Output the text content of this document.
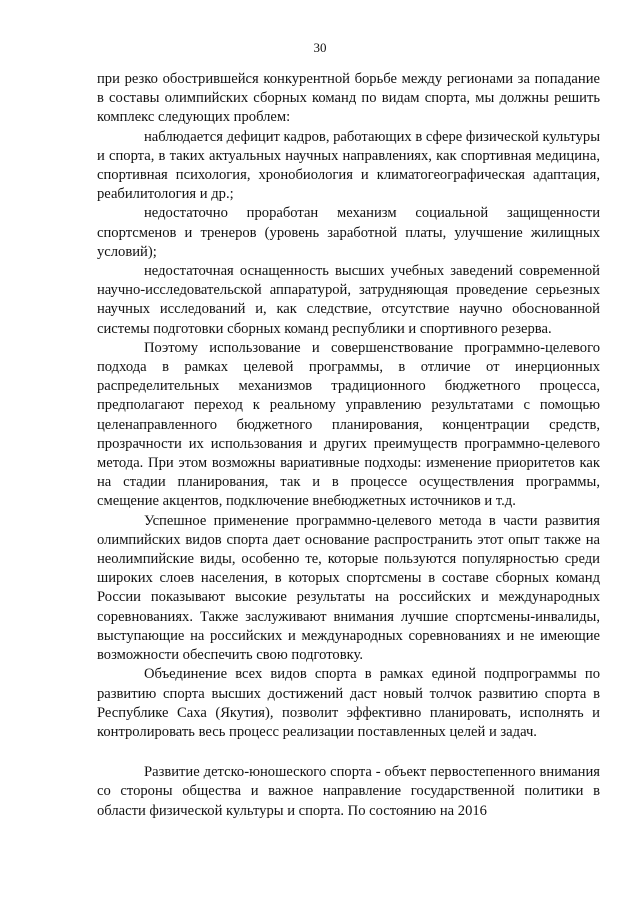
30

при резко обострившейся конкурентной борьбе между регионами за попадание в составы олимпийских сборных команд по видам спорта, мы должны решить комплекс следующих проблем:

наблюдается дефицит кадров, работающих в сфере физической культуры и спорта, в таких актуальных научных направлениях, как спортивная медицина, спортивная психология, хронобиология и климатогеографическая адаптация, реабилитология и др.;

недостаточно проработан механизм социальной защищенности спортсменов и тренеров (уровень заработной платы, улучшение жилищных условий);

недостаточная оснащенность высших учебных заведений современной научно-исследовательской аппаратурой, затрудняющая проведение серьезных научных исследований и, как следствие, отсутствие научно обоснованной системы подготовки сборных команд республики и спортивного резерва.

Поэтому использование и совершенствование программно-целевого подхода в рамках целевой программы, в отличие от инерционных распределительных механизмов традиционного бюджетного процесса, предполагают переход к реальному управлению результатами с помощью целенаправленного бюджетного планирования, концентрации средств, прозрачности их использования и других преимуществ программно-целевого метода. При этом возможны вариативные подходы: изменение приоритетов как на стадии планирования, так и в процессе осуществления программы, смещение акцентов, подключение внебюджетных источников и т.д.

Успешное применение программно-целевого метода в части развития олимпийских видов спорта дает основание распространить этот опыт также на неолимпийские виды, особенно те, которые пользуются популярностью среди широких слоев населения, в которых спортсмены в составе сборных команд России показывают высокие результаты на российских и международных соревнованиях. Также заслуживают внимания лучшие спортсмены-инвалиды, выступающие на российских и международных соревнованиях и не имеющие возможности обеспечить свою подготовку.

Объединение всех видов спорта в рамках единой подпрограммы по развитию спорта высших достижений даст новый толчок развитию спорта в Республике Саха (Якутия), позволит эффективно планировать, исполнять и контролировать весь процесс реализации поставленных целей и задач.

Развитие детско-юношеского спорта - объект первостепенного внимания со стороны общества и важное направление государственной политики в области физической культуры и спорта. По состоянию на 2016
